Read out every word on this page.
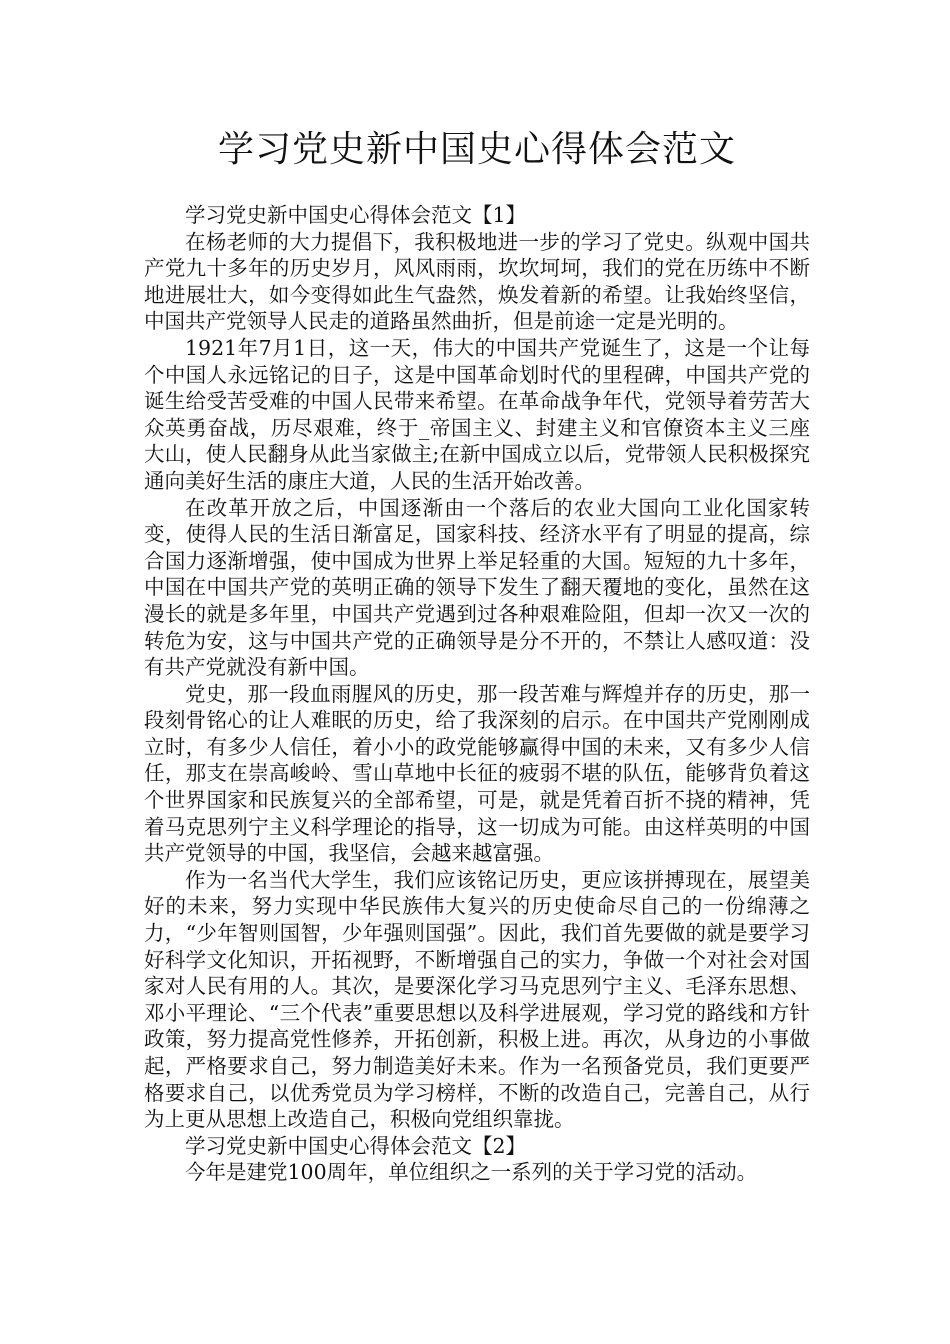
学习党史新中国史心得体会范文

学习党史新中国史心得体会范文【1】

在杨老师的大力提倡下，我积极地进一步的学习了党史。纵观中国共产党九十多年的历史岁月，风风雨雨，坎坎坷坷，我们的党在历练中不断地进展壮大，如今变得如此生气盎然，焕发着新的希望。让我始终坚信，中国共产党领导人民走的道路虽然曲折，但是前途一定是光明的。

1921年7月1日，这一天，伟大的中国共产党诞生了，这是一个让每个中国人永远铭记的日子，这是中国革命划时代的里程碑，中国共产党的诞生给受苦受难的中国人民带来希望。在革命战争年代，党领导着劳苦大众英勇奋战，历尽艰难，终于_帝国主义、封建主义和官僚资本主义三座大山，使人民翻身从此当家做主;在新中国成立以后，党带领人民积极探究通向美好生活的康庄大道，人民的生活开始改善。

在改革开放之后，中国逐渐由一个落后的农业大国向工业化国家转变，使得人民的生活日渐富足，国家科技、经济水平有了明显的提高，综合国力逐渐增强，使中国成为世界上举足轻重的大国。短短的九十多年，中国在中国共产党的英明正确的领导下发生了翻天覆地的变化，虽然在这漫长的就是多年里，中国共产党遇到过各种艰难险阻，但却一次又一次的转危为安，这与中国共产党的正确领导是分不开的，不禁让人感叹道：没有共产党就没有新中国。

党史，那一段血雨腥风的历史，那一段苦难与辉煌并存的历史，那一段刻骨铭心的让人难眠的历史，给了我深刻的启示。在中国共产党刚刚成立时，有多少人信任，着小小的政党能够赢得中国的未来，又有多少人信任，那支在崇高峻岭、雪山草地中长征的疲弱不堪的队伍，能够背负着这个世界国家和民族复兴的全部希望，可是，就是凭着百折不挠的精神，凭着马克思列宁主义科学理论的指导，这一切成为可能。由这样英明的中国共产党领导的中国，我坚信，会越来越富强。

作为一名当代大学生，我们应该铭记历史，更应该拼搏现在，展望美好的未来，努力实现中华民族伟大复兴的历史使命尽自己的一份绵薄之力，“少年智则国智，少年强则国强”。因此，我们首先要做的就是要学习好科学文化知识，开拓视野，不断增强自己的实力，争做一个对社会对国家对人民有用的人。其次，是要深化学习马克思列宁主义、毛泽东思想、邓小平理论、“三个代表”重要思想以及科学进展观，学习党的路线和方针政策，努力提高党性修养，开拓创新，积极上进。再次，从身边的小事做起，严格要求自己，努力制造美好未来。作为一名预备党员，我们更要严格要求自己，以优秀党员为学习榜样，不断的改造自己，完善自己，从行为上更从思想上改造自己，积极向党组织靠拢。

学习党史新中国史心得体会范文【2】

今年是建党100周年，单位组织之一系列的关于学习党的活动。
